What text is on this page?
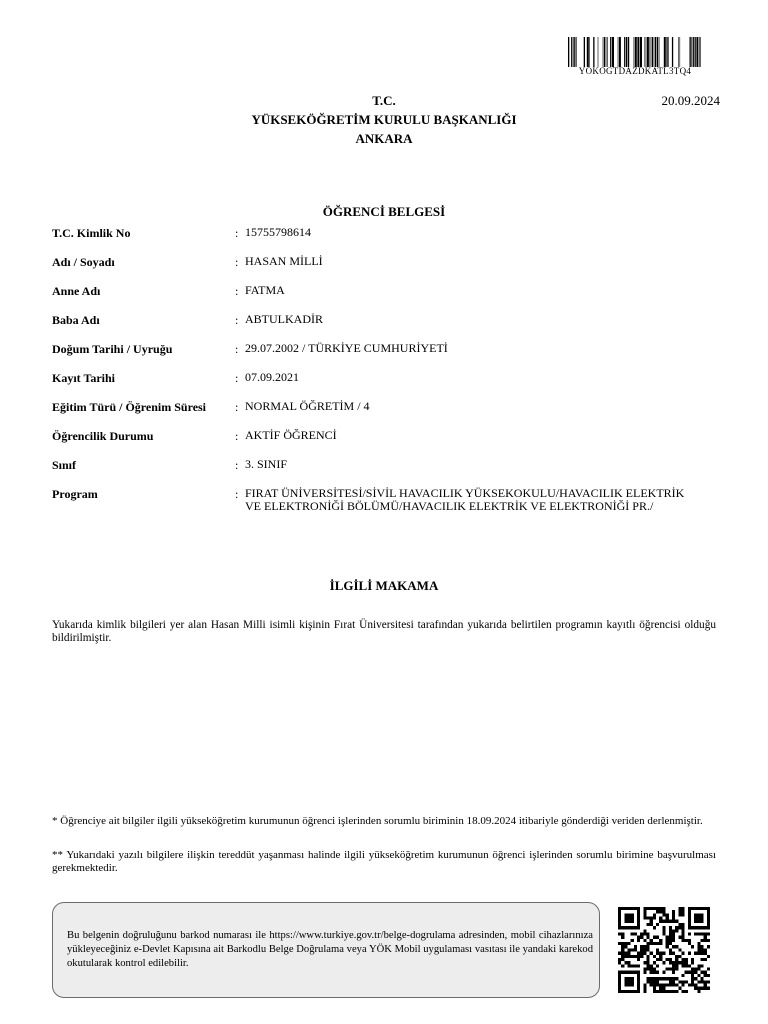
YOKOGTDAZDKATL3TQ4
20.09.2024
T.C.
YÜKSEKÖĞRETİM KURULU BAŞKANLIĞI
ANKARA
ÖĞRENCİ BELGESİ
T.C. Kimlik No	: 15755798614
Adı / Soyadı	: HASAN MİLLİ
Anne Adı	: FATMA
Baba Adı	: ABTULKADİR
Doğum Tarihi / Uyruğu	: 29.07.2002 / TÜRKİYE CUMHURİYETİ
Kayıt Tarihi	: 07.09.2021
Eğitim Türü / Öğrenim Süresi : NORMAL ÖĞRETİM / 4
Öğrencilik Durumu	: AKTİF ÖĞRENCİ
Sınıf	: 3. SINIF
Program	: FIRAT ÜNİVERSİTESİ/SİVİL HAVACILIK YÜKSEKOKULU/HAVACILIK ELEKTRİK VE ELEKTRONİĞİ BÖLÜMÜ/HAVACILIK ELEKTRİK VE ELEKTRONİĞİ PR./
İLGİLİ MAKAMA
Yukarıda kimlik bilgileri yer alan Hasan Milli isimli kişinin Fırat Üniversitesi tarafından yukarıda belirtilen programın kayıtlı öğrencisi olduğu bildirilmiştir.
* Öğrenciye ait bilgiler ilgili yükseköğretim kurumunun öğrenci işlerinden sorumlu biriminin 18.09.2024 itibariyle gönderdiği veriden derlenmiştir.
** Yukarıdaki yazılı bilgilere ilişkin tereddüt yaşanması halinde ilgili yükseköğretim kurumunun öğrenci işlerinden sorumlu birimine başvurulması gerekmektedir.
Bu belgenin doğruluğunu barkod numarası ile https://www.turkiye.gov.tr/belge-dogrulama adresinden, mobil cihazlarınıza yükleyeceğiniz e-Devlet Kapısına ait Barkodlu Belge Doğrulama veya YÖK Mobil uygulaması vasıtası ile yandaki karekod okutularak kontrol edilebilir.
